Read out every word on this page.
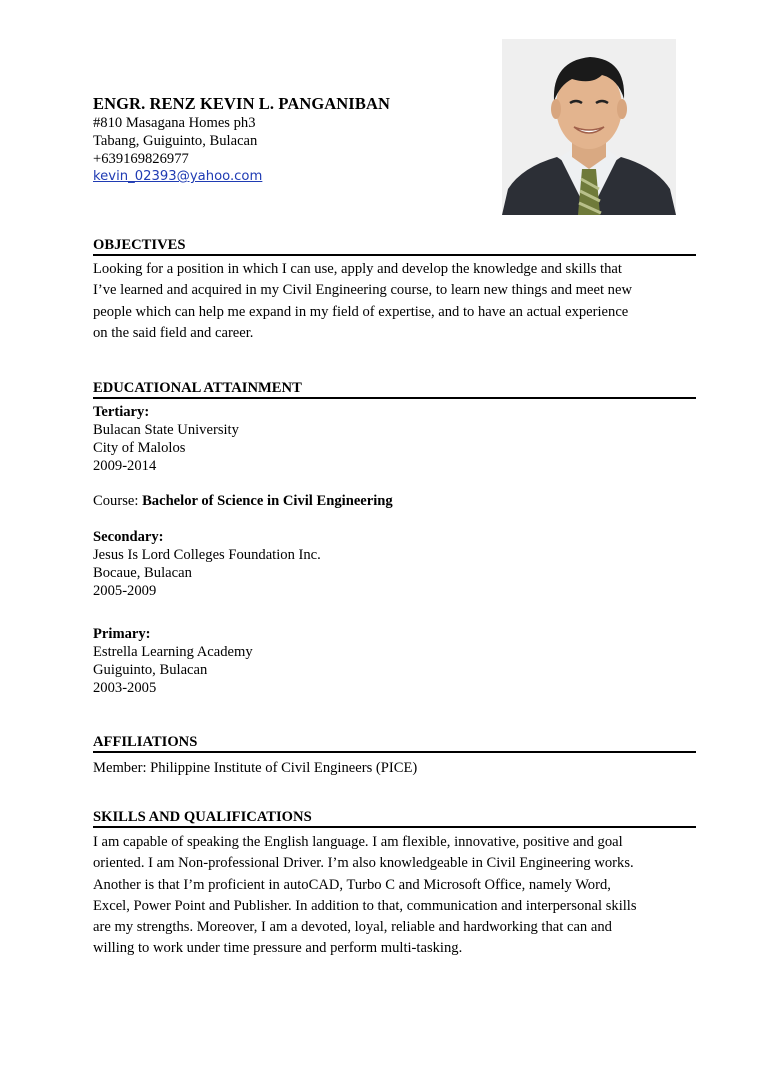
ENGR. RENZ KEVIN L. PANGANIBAN
#810 Masagana Homes ph3
Tabang, Guiguinto, Bulacan
+639169826977
kevin_02393@yahoo.com
OBJECTIVES
Looking for a position in which I can use, apply and develop the knowledge and skills that
I’ve learned and acquired in my Civil Engineering course, to learn new things and meet new
people which can help me expand in my field of expertise, and to have an actual experience
on the said field and career.
EDUCATIONAL ATTAINMENT
Tertiary:
Bulacan State University
City of Malolos
2009-2014
Course: Bachelor of Science in Civil Engineering
Secondary:
Jesus Is Lord Colleges Foundation Inc.
Bocaue, Bulacan
2005-2009
Primary:
Estrella Learning Academy
Guiguinto, Bulacan
2003-2005
AFFILIATIONS
Member: Philippine Institute of Civil Engineers (PICE)
SKILLS AND QUALIFICATIONS
I am capable of speaking the English language. I am flexible, innovative, positive and goal
oriented. I am Non-professional Driver. I’m also knowledgeable in Civil Engineering works.
Another is that I’m proficient in autoCAD, Turbo C and Microsoft Office, namely Word,
Excel, Power Point and Publisher. In addition to that, communication and interpersonal skills
are my strengths. Moreover, I am a devoted, loyal, reliable and hardworking that can and
willing to work under time pressure and perform multi-tasking.
